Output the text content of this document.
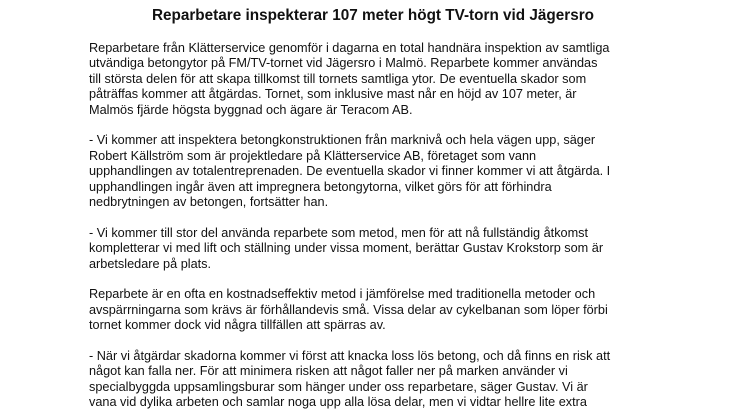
Reparbetare inspekterar 107 meter högt TV-torn vid Jägersro

Reparbetare från Klätterservice genomför i dagarna en total handnära inspektion av samtliga
utvändiga betongytor på FM/TV-tornet vid Jägersro i Malmö. Reparbete kommer användas
till största delen för att skapa tillkomst till tornets samtliga ytor. De eventuella skador som
påträffas kommer att åtgärdas. Tornet, som inklusive mast når en höjd av 107 meter, är
Malmös fjärde högsta byggnad och ägare är Teracom AB.

- Vi kommer att inspektera betongkonstruktionen från marknivå och hela vägen upp, säger
Robert Källström som är projektledare på Klätterservice AB, företaget som vann
upphandlingen av totalentreprenaden. De eventuella skador vi finner kommer vi att åtgärda. I
upphandlingen ingår även att impregnera betongytorna, vilket görs för att förhindra
nedbrytningen av betongen, fortsätter han.

- Vi kommer till stor del använda reparbete som metod, men för att nå fullständig åtkomst
kompletterar vi med lift och ställning under vissa moment, berättar Gustav Krokstorp som är
arbetsledare på plats.

Reparbete är en ofta en kostnadseffektiv metod i jämförelse med traditionella metoder och
avspärrningarna som krävs är förhållandevis små. Vissa delar av cykelbanan som löper förbi
tornet kommer dock vid några tillfällen att spärras av.

- När vi åtgärdar skadorna kommer vi först att knacka loss lös betong, och då finns en risk att
något kan falla ner. För att minimera risken att något faller ner på marken använder vi
specialbyggda uppsamlingsburar som hänger under oss reparbetare, säger Gustav. Vi är
vana vid dylika arbeten och samlar noga upp alla lösa delar, men vi vidtar hellre lite extra
